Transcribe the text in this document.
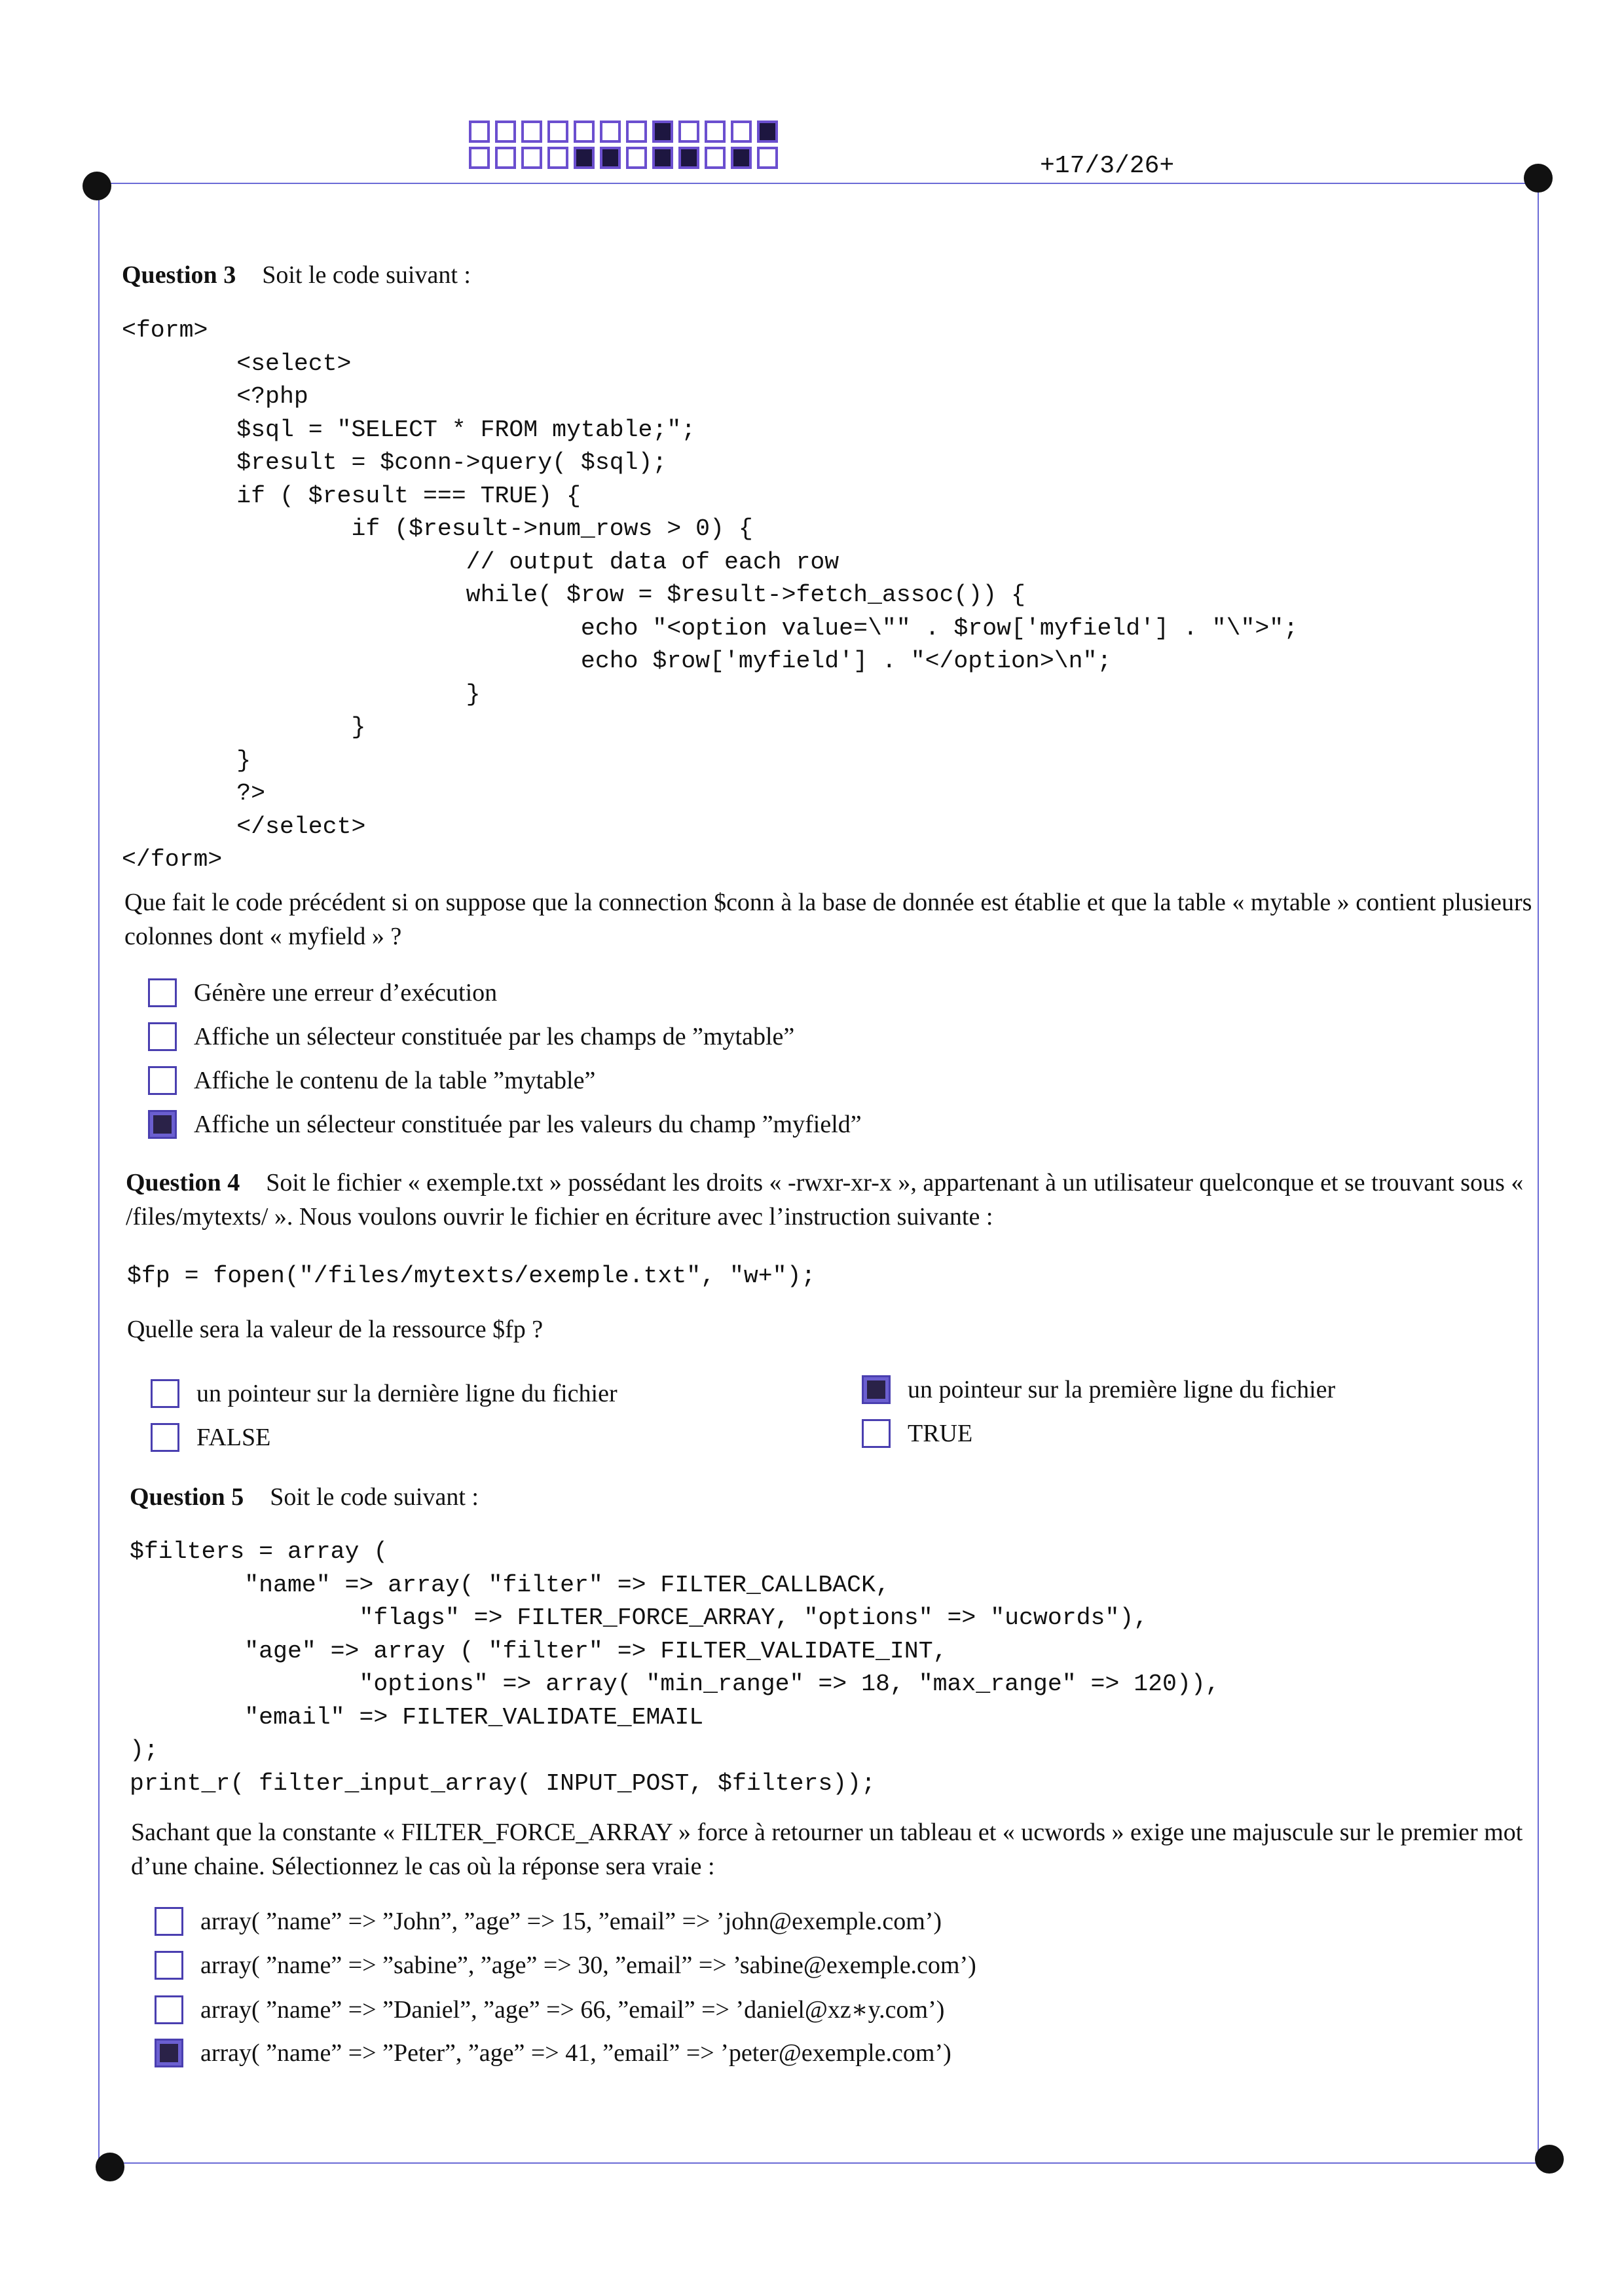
+17/3/26+
Question 3 Soit le code suivant :
<form>
<select>
<?php
$sql = "SELECT * FROM mytable;";
$result = $conn->query( $sql);
if ( $result === TRUE) {
if ($result->num_rows > 0) {
// output data of each row
while( $row = $result->fetch_assoc()) {
echo "<option value=\"" . $row['myfield'] . "\">";
echo $row['myfield'] . "</option>\n";
}
}
}
?>
</select>
</form>
Que fait le code précédent si on suppose que la connection $conn à la base de donnée est établie et que la table « mytable » contient plusieurs colonnes dont « myfield » ?
Génère une erreur d’exécution
Affiche un sélecteur constituée par les champs de ”mytable”
Affiche le contenu de la table ”mytable”
Affiche un sélecteur constituée par les valeurs du champ ”myfield”
Question 4 Soit le fichier « exemple.txt » possédant les droits « -rwxr-xr-x », appartenant à un utilisateur quelconque et se trouvant sous « /files/mytexts/ ». Nous voulons ouvrir le fichier en écriture avec l’instruction suivante :
$fp = fopen("/files/mytexts/exemple.txt", "w+");
Quelle sera la valeur de la ressource $fp ?
un pointeur sur la dernière ligne du fichier
FALSE
un pointeur sur la première ligne du fichier
TRUE
Question 5 Soit le code suivant :
$filters = array (
"name" => array( "filter" => FILTER_CALLBACK,
"flags" => FILTER_FORCE_ARRAY, "options" => "ucwords"),
"age" => array ( "filter" => FILTER_VALIDATE_INT,
"options" => array( "min_range" => 18, "max_range" => 120)),
"email" => FILTER_VALIDATE_EMAIL
);
print_r( filter_input_array( INPUT_POST, $filters));
Sachant que la constante « FILTER_FORCE_ARRAY » force à retourner un tableau et « ucwords » exige une majuscule sur le premier mot d’une chaine. Sélectionnez le cas où la réponse sera vraie :
array( ”name” => ”John”, ”age” => 15, ”email” => ’john@exemple.com’)
array( ”name” => ”sabine”, ”age” => 30, ”email” => ’sabine@exemple.com’)
array( ”name” => ”Daniel”, ”age” => 66, ”email” => ’daniel@xz∗y.com’)
array( ”name” => ”Peter”, ”age” => 41, ”email” => ’peter@exemple.com’)
